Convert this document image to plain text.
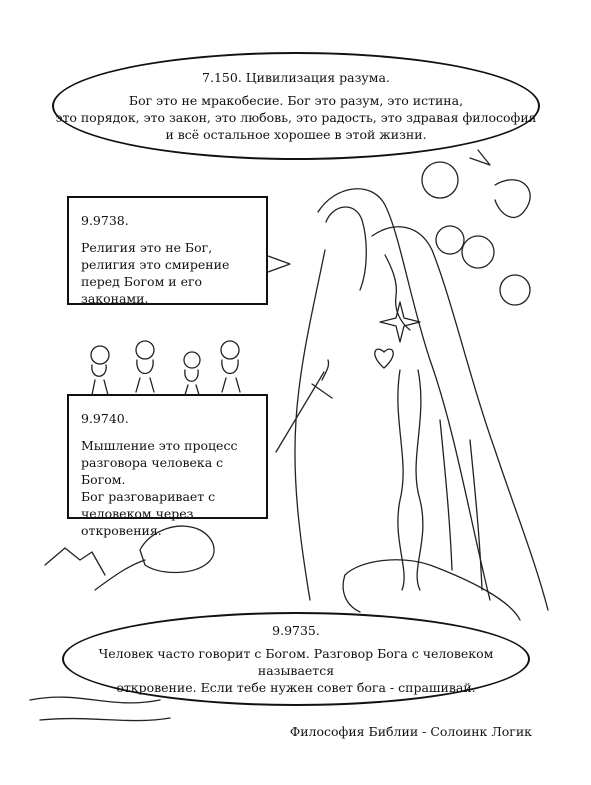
7.150. Цивилизация разума.
Бог это не мракобесие. Бог это разум, это истина,
это порядок, это закон, это любовь, это радость, это здравая философия
и всё остальное хорошее в этой жизни.
9.9738.
Религия это не Бог,
религия это смирение
перед Богом и его законами.
9.9740.
Мышление это процесс
разговора человека с Богом.
Бог разговаривает с
человеком через откровения.
9.9735.
Человек часто говорит с Богом. Разговор Бога с человеком называется
откровение. Если тебе нужен совет бога - спрашивай.
Философия Библии - Солоинк Логик
